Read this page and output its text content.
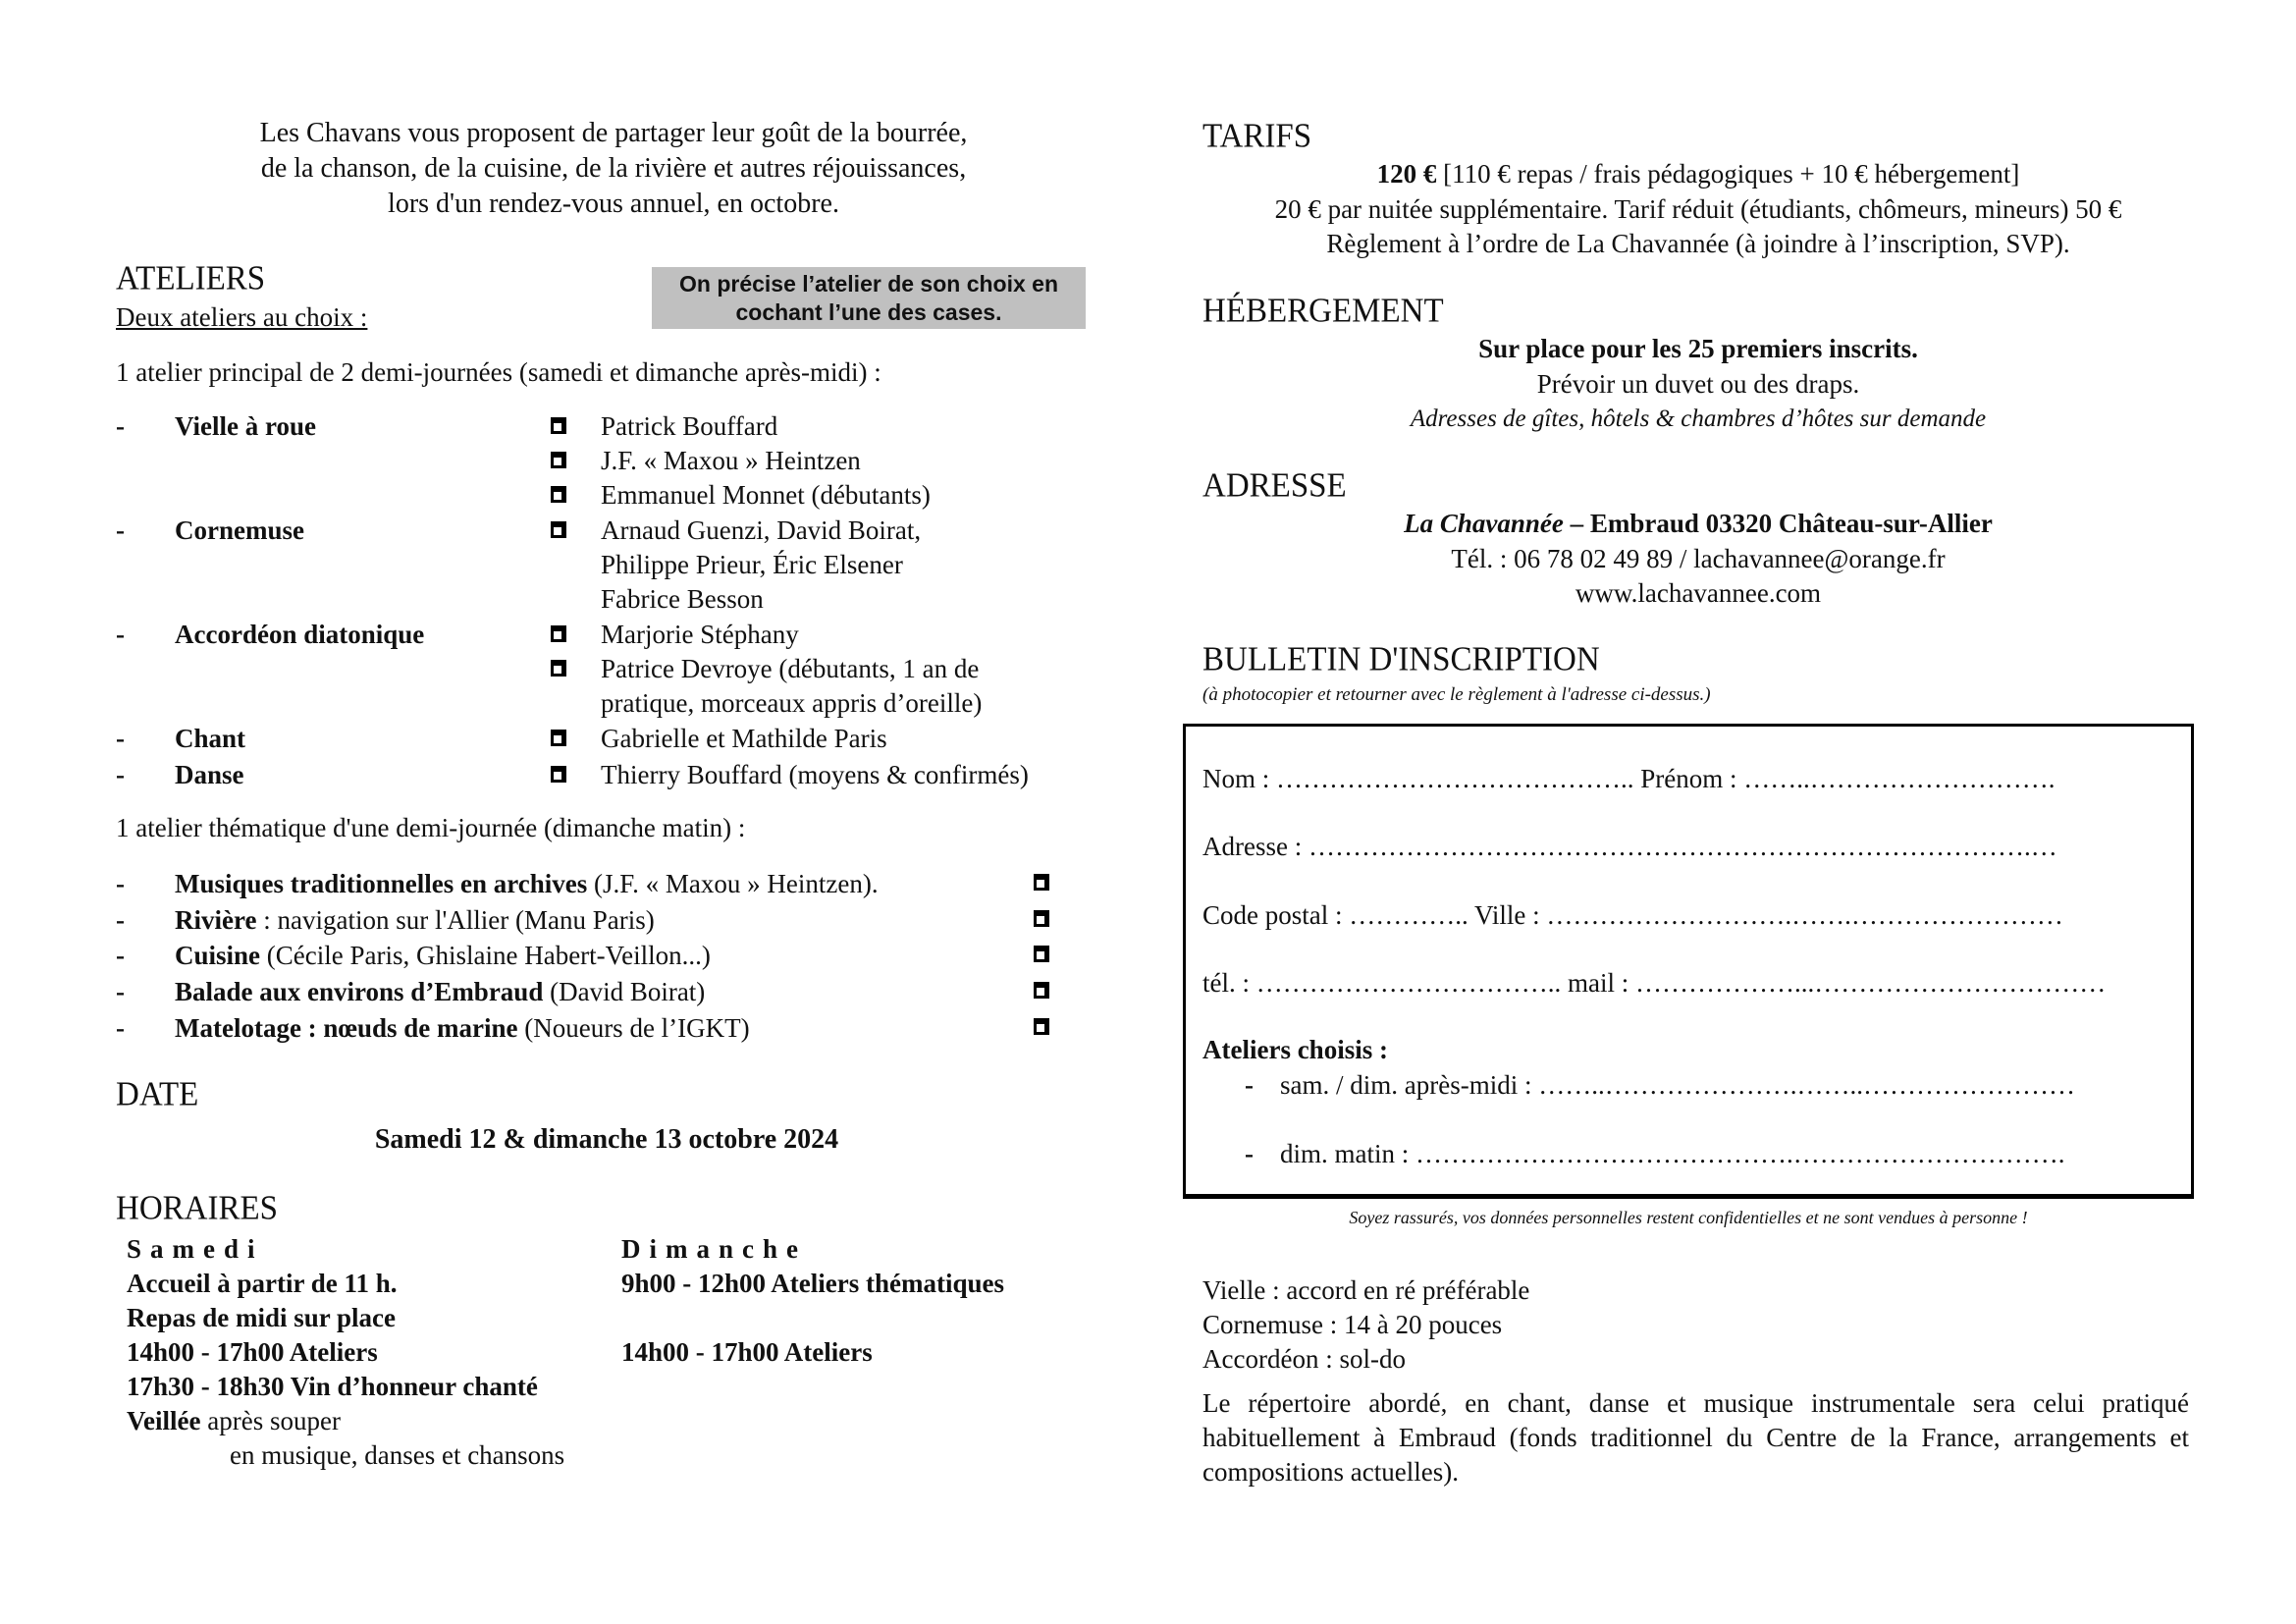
Les Chavans vous proposent de partager leur goût de la bourrée,
de la chanson, de la cuisine, de la rivière et autres réjouissances,
lors d'un rendez-vous annuel, en octobre.
ATELIERS
Deux ateliers au choix :
On précise l’atelier de son choix en cochant l’une des cases.
1 atelier principal de 2 demi-journées (samedi et dimanche après-midi) :
- Vielle à roue	Patrick Bouffard
J.F. « Maxou » Heintzen
Emmanuel Monnet (débutants)
- Cornemuse	Arnaud Guenzi, David Boirat,
Philippe Prieur, Éric Elsener
Fabrice Besson
- Accordéon diatonique	Marjorie Stéphany
Patrice Devroye (débutants, 1 an de
pratique, morceaux appris d’oreille)
- Chant	Gabrielle et Mathilde Paris
- Danse	Thierry Bouffard (moyens & confirmés)
1 atelier thématique d'une demi-journée (dimanche matin) :
- Musiques traditionnelles en archives (J.F. « Maxou » Heintzen).
- Rivière : navigation sur l'Allier (Manu Paris)
- Cuisine (Cécile Paris, Ghislaine Habert-Veillon...)
- Balade aux environs d’Embraud (David Boirat)
- Matelotage : nœuds de marine (Noueurs de l’IGKT)
DATE
Samedi 12 & dimanche 13 octobre 2024
HORAIRES
Samedi
Accueil à partir de 11 h.
Repas de midi sur place
14h00 - 17h00 Ateliers
17h30 - 18h30 Vin d’honneur chanté
Veillée après souper
en musique, danses et chansons
Dimanche
9h00 - 12h00 Ateliers thématiques
14h00 - 17h00 Ateliers
TARIFS
120 € [110 € repas / frais pédagogiques + 10 € hébergement]
20 € par nuitée supplémentaire. Tarif réduit (étudiants, chômeurs, mineurs) 50 €
Règlement à l’ordre de La Chavannée (à joindre à l’inscription, SVP).
HÉBERGEMENT
Sur place pour les 25 premiers inscrits.
Prévoir un duvet ou des draps.
Adresses de gîtes, hôtels & chambres d’hôtes sur demande
ADRESSE
La Chavannée – Embraud 03320 Château-sur-Allier
Tél. : 06 78 02 49 89 / lachavannee@orange.fr
www.lachavannee.com
BULLETIN D'INSCRIPTION
(à photocopier et retourner avec le règlement à l'adresse ci-dessus.)
Nom : ………………………………….. Prénom : ……..……………………….
Adresse : ……………………………………………………………………….…
Code postal : ………….. Ville : ……………………….…….……………………
tél. : …………………………….. mail : ………………...……………………………
Ateliers choisis :
- sam. / dim. après-midi : ……..………………….……..……………………
- dim. matin : …………………………………….………………………….
Soyez rassurés, vos données personnelles restent confidentielles et ne sont vendues à personne !
Vielle : accord en ré préférable
Cornemuse : 14 à 20 pouces
Accordéon : sol-do
Le répertoire abordé, en chant, danse et musique instrumentale sera celui pratiqué habituellement à Embraud (fonds traditionnel du Centre de la France, arrangements et compositions actuelles).
